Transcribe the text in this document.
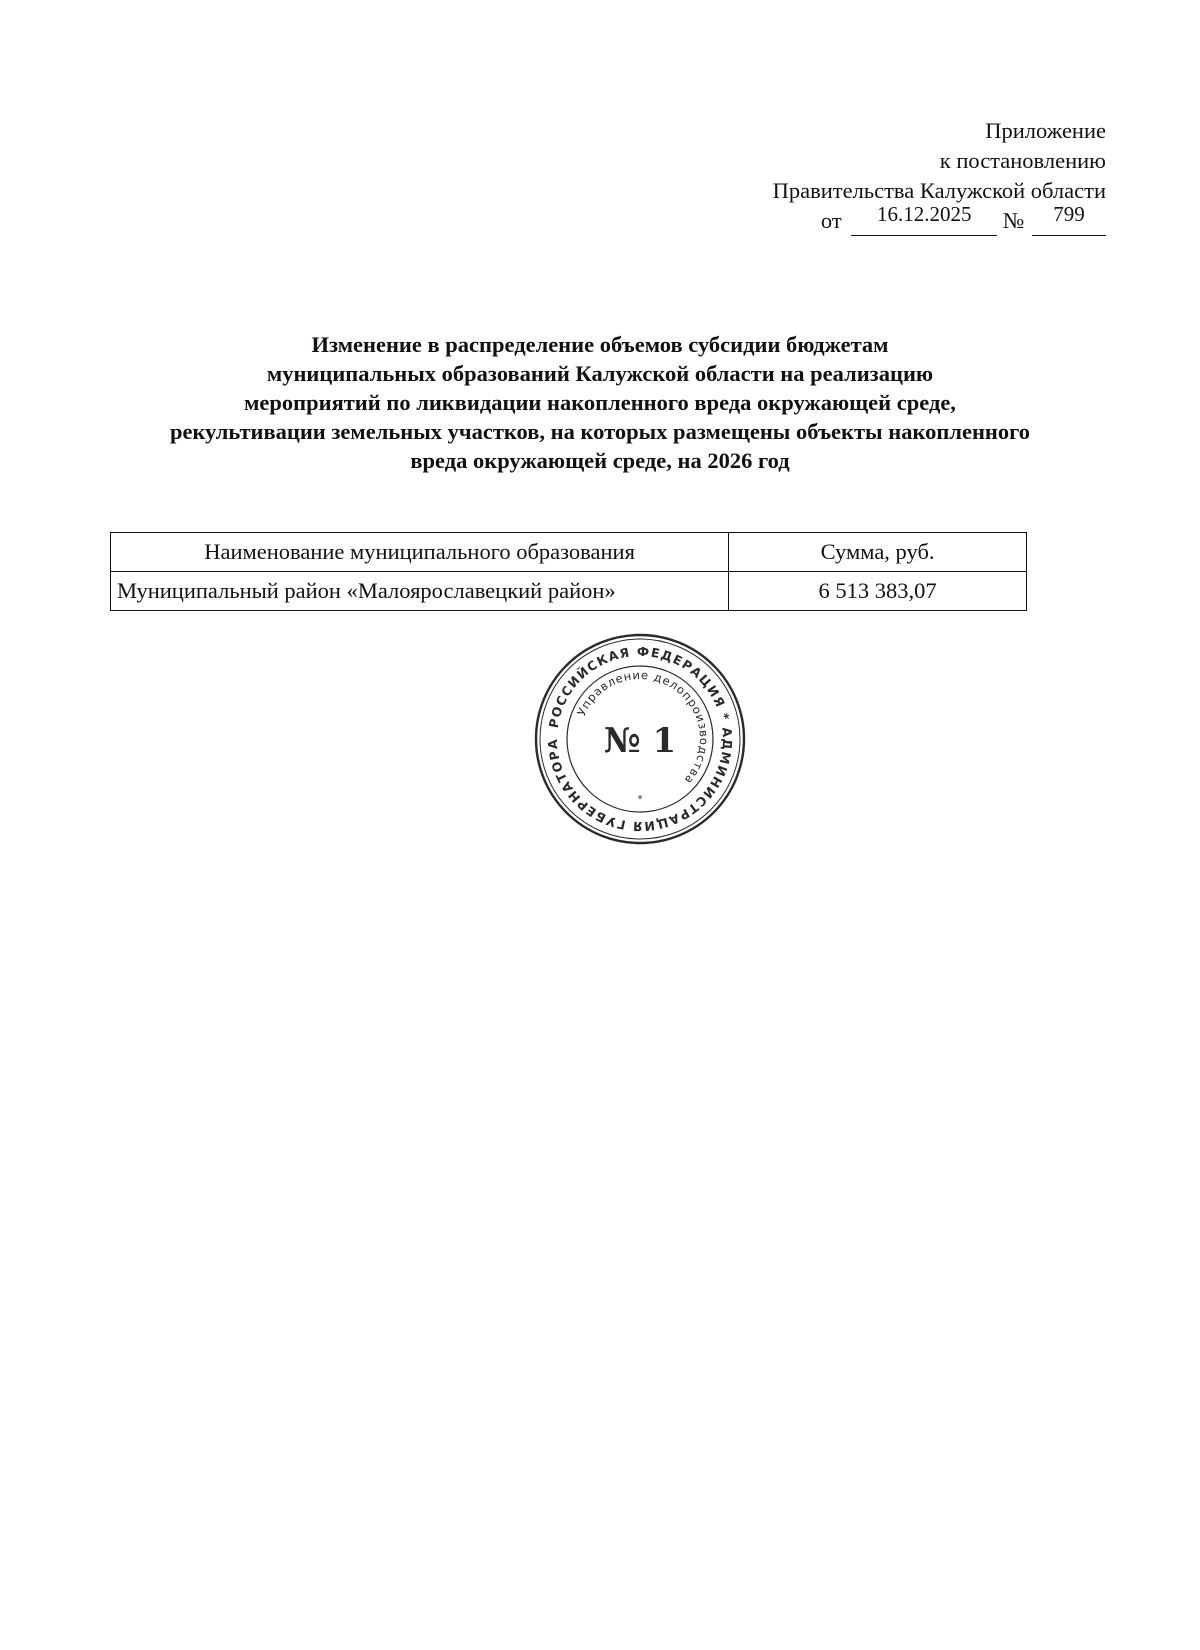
Приложение
к постановлению
Правительства Калужской области
от 16.12.2025 № 799
Изменение в распределение объемов субсидии бюджетам
муниципальных образований Калужской области на реализацию
мероприятий по ликвидации накопленного вреда окружающей среде,
рекультивации земельных участков, на которых размещены объекты накопленного
вреда окружающей среде, на 2026 год
Наименование муниципального образования	Сумма, руб.
Муниципальный район «Малоярославецкий район»	6 513 383,07
РОССИЙСКАЯ ФЕДЕРАЦИЯ * АДМИНИСТРАЦИЯ ГУБЕРНАТОРА
Управление делопроизводства
№ 1
*
